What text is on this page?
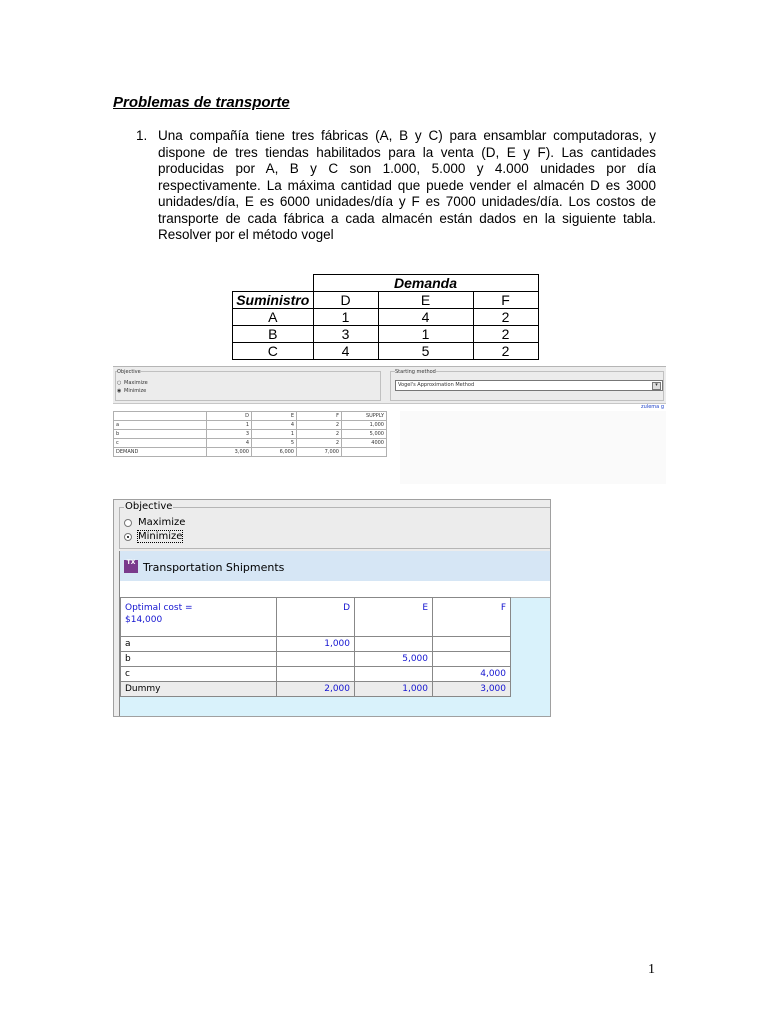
Problemas de transporte
1. Una compañía tiene tres fábricas (A, B y C) para ensamblar computadoras, y dispone de tres tiendas habilitados para la venta (D, E y F). Las cantidades producidas por A, B y C son 1.000, 5.000 y 4.000 unidades por día respectivamente. La máxima cantidad que puede vender el almacén D es 3000 unidades/día, E es 6000 unidades/día y F es 7000 unidades/día. Los costos de transporte de cada fábrica a cada almacén están dados en la siguiente tabla. Resolver por el método vogel
	Demanda		
Suministro	D	E	F
A	1	4	2
B	3	1	2
C	4	5	2
Objective
○ Maximize
◉ Minimize
Starting method
Vogel's Approximation Method	▾
zulema g
	D	E	F	SUPPLY
a	1	4	2	1,000
b	3	1	2	5,000
c	4	5	2	4000
DEMAND	3,000	6,000	7,000	
Objective
Maximize
Minimize
TX Transportation Shipments
Optimal cost =
$14,000	D	E	F
a	1,000		
b		5,000	
c			4,000
Dummy	2,000	1,000	3,000
1
